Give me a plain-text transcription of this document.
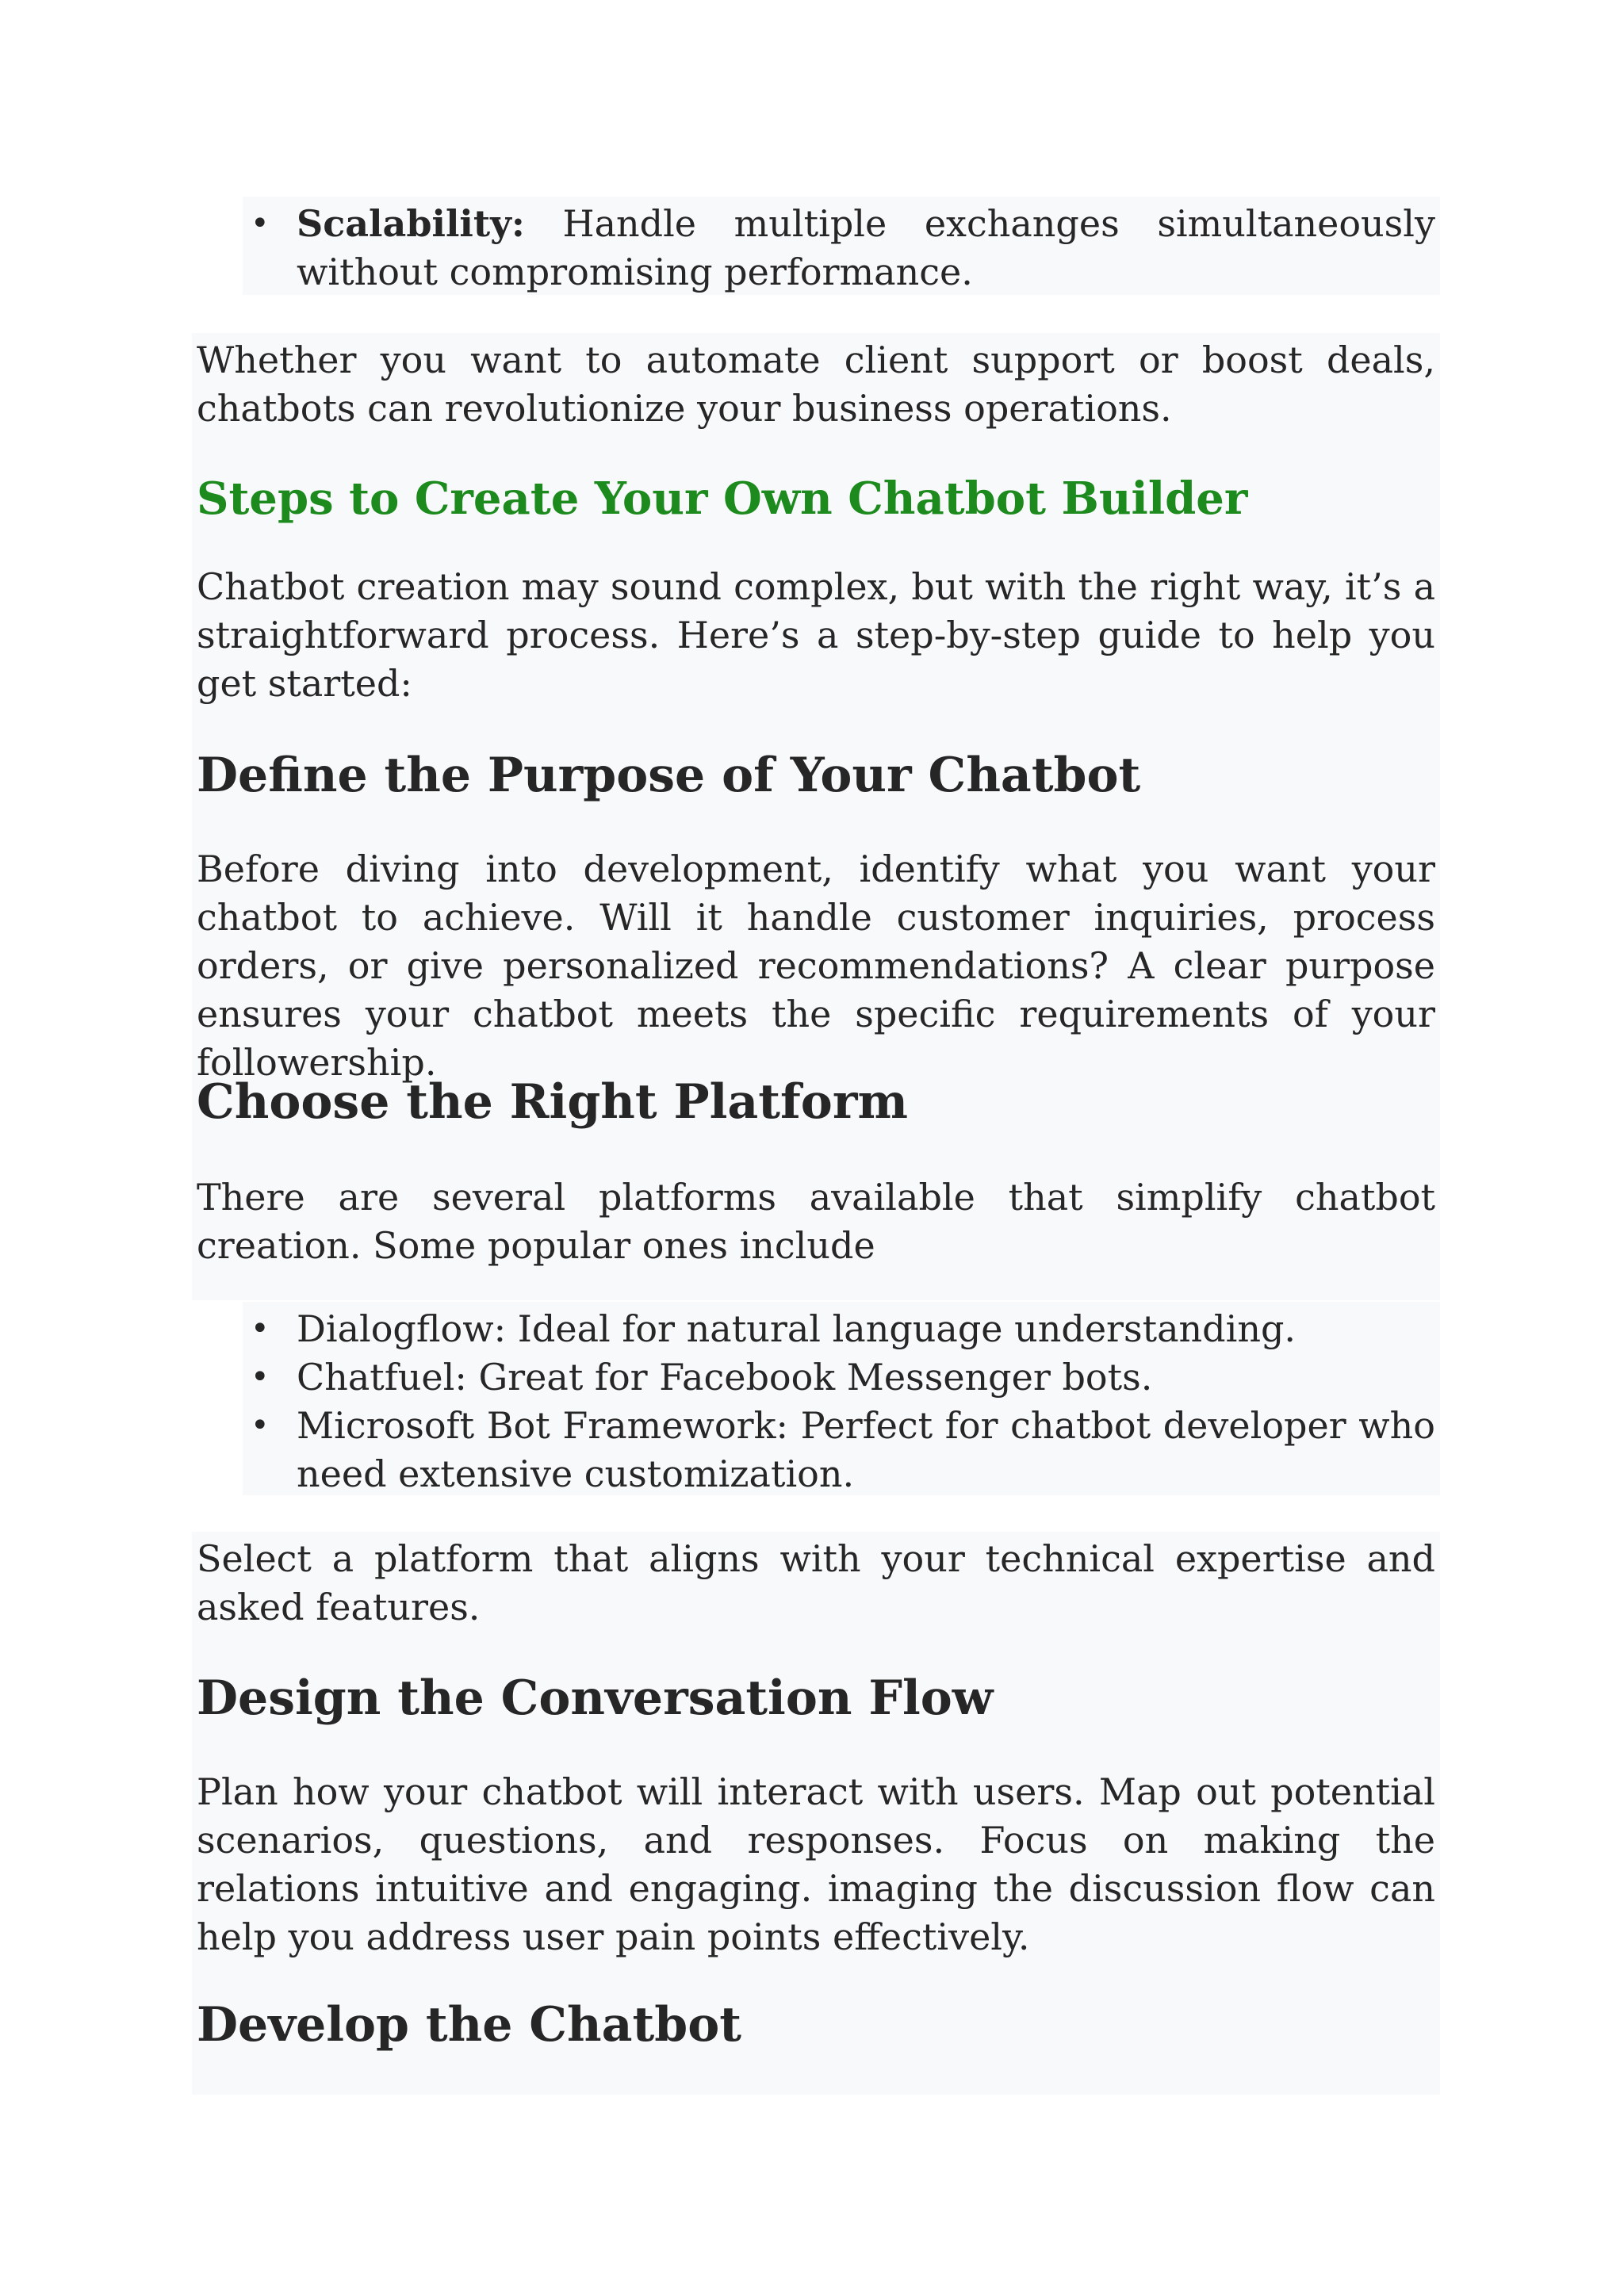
• Scalability: Handle multiple exchanges simultaneously without compromising performance.

Whether you want to automate client support or boost deals, chatbots can revolutionize your business operations.

Steps to Create Your Own Chatbot Builder

Chatbot creation may sound complex, but with the right way, it’s a straightforward process. Here’s a step-by-step guide to help you get started:

Define the Purpose of Your Chatbot

Before diving into development, identify what you want your chatbot to achieve. Will it handle customer inquiries, process orders, or give personalized recommendations? A clear purpose ensures your chatbot meets the specific requirements of your followership.

Choose the Right Platform

There are several platforms available that simplify chatbot creation. Some popular ones include

• Dialogflow: Ideal for natural language understanding.
• Chatfuel: Great for Facebook Messenger bots.
• Microsoft Bot Framework: Perfect for chatbot developer who need extensive customization.

Select a platform that aligns with your technical expertise and asked features.

Design the Conversation Flow

Plan how your chatbot will interact with users. Map out potential scenarios, questions, and responses. Focus on making the relations intuitive and engaging. imaging the discussion flow can help you address user pain points effectively.

Develop the Chatbot
